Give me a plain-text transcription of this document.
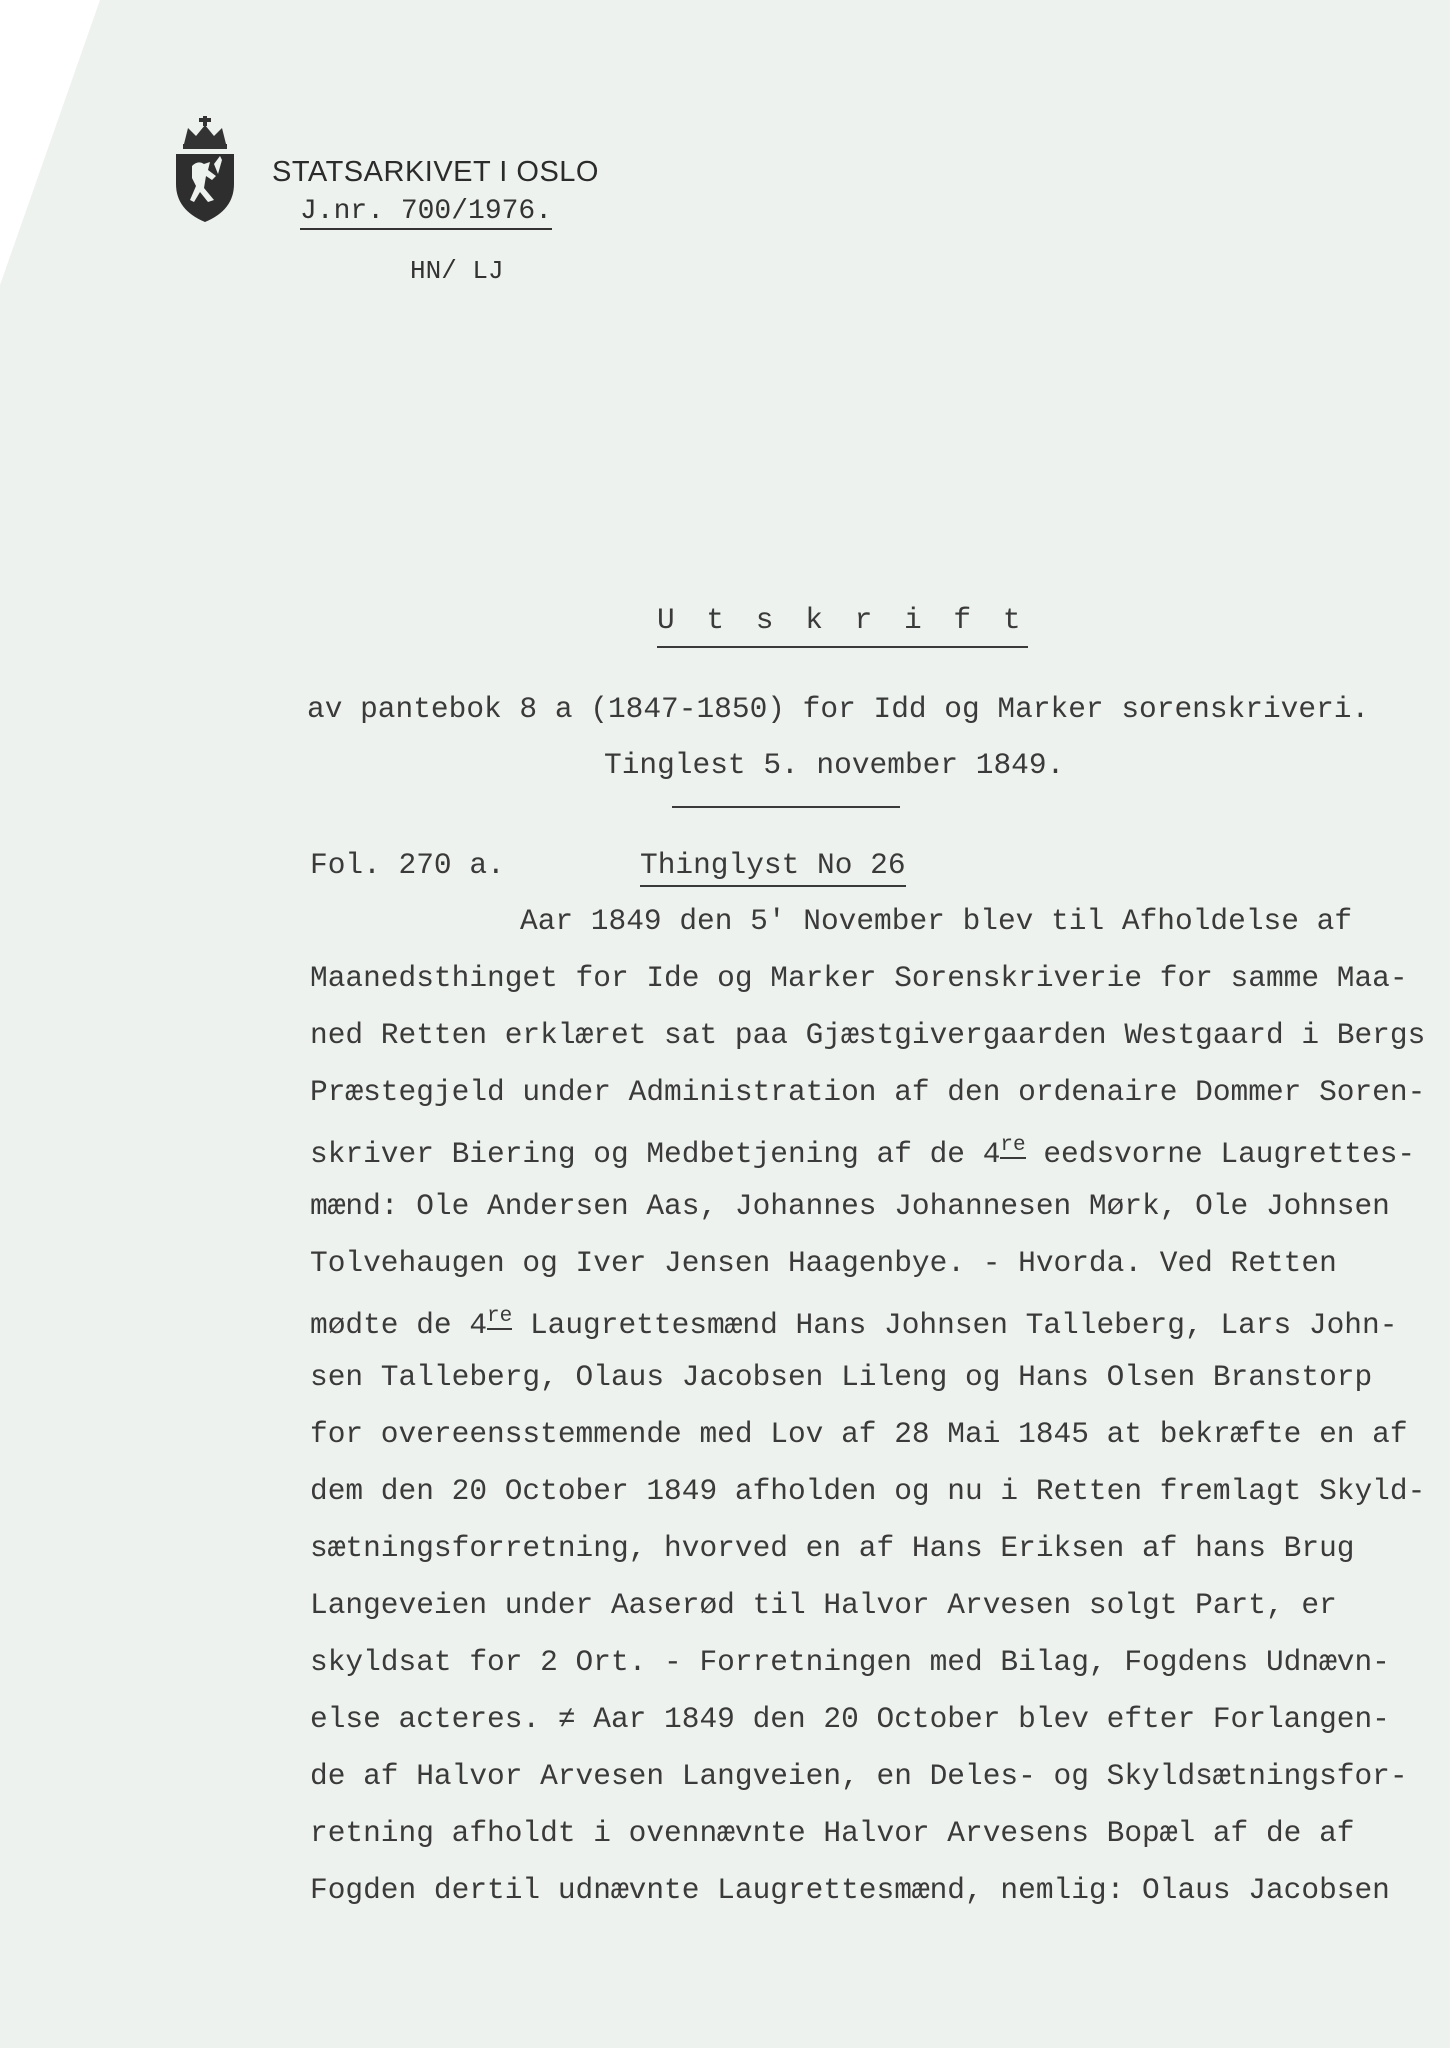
STATSARKIVET I OSLO
J.nr. 700/1976.
HN/ LJ
U t s k r i f t
av pantebok 8 a (1847-1850) for Idd og Marker sorenskriveri.
Tinglest 5. november 1849.
Fol. 270 a.	Thinglyst No 26
Aar 1849 den 5' November blev til Afholdelse af
Maanedsthinget for Ide og Marker Sorenskriverie for samme Maa-
ned Retten erklæret sat paa Gjæstgivergaarden Westgaard i Bergs
Præstegjeld under Administration af den ordenaire Dommer Soren-
skriver Biering og Medbetjening af de 4re eedsvorne Laugrettes-
mænd: Ole Andersen Aas, Johannes Johannesen Mørk, Ole Johnsen
Tolvehaugen og Iver Jensen Haagenbye. - Hvorda. Ved Retten
mødte de 4re Laugrettesmænd Hans Johnsen Talleberg, Lars John-
sen Talleberg, Olaus Jacobsen Lileng og Hans Olsen Branstorp
for overeensstemmende med Lov af 28 Mai 1845 at bekræfte en af
dem den 20 October 1849 afholden og nu i Retten fremlagt Skyld-
sætningsforretning, hvorved en af Hans Eriksen af hans Brug
Langeveien under Aaserød til Halvor Arvesen solgt Part, er
skyldsat for 2 Ort. - Forretningen med Bilag, Fogdens Udnævn-
else acteres. ≠ Aar 1849 den 20 October blev efter Forlangen-
de af Halvor Arvesen Langveien, en Deles- og Skyldsætningsfor-
retning afholdt i ovennævnte Halvor Arvesens Bopæl af de af
Fogden dertil udnævnte Laugrettesmænd, nemlig: Olaus Jacobsen
